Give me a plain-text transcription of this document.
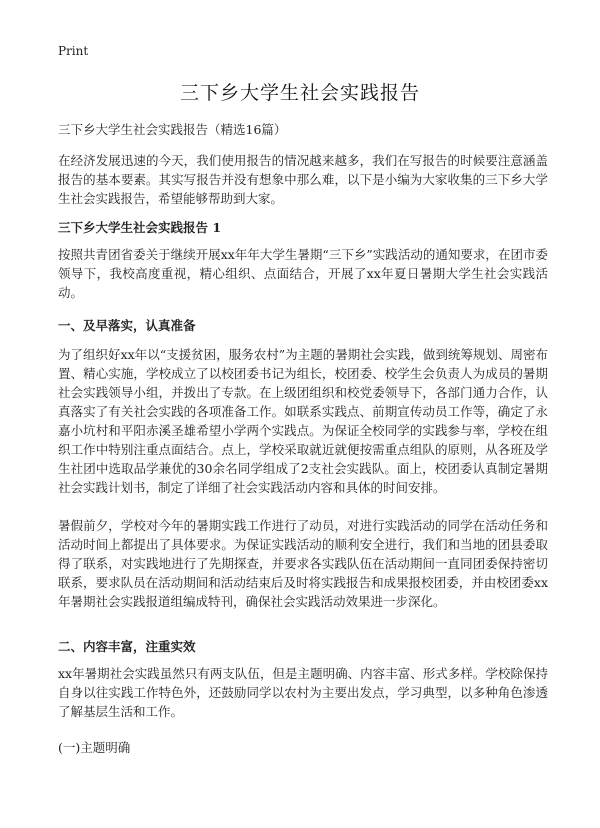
Print
三下乡大学生社会实践报告
三下乡大学生社会实践报告（精选16篇）

在经济发展迅速的今天，我们使用报告的情况越来越多，我们在写报告的时候要注意涵盖报告的基本要素。其实写报告并没有想象中那么难，以下是小编为大家收集的三下乡大学生社会实践报告，希望能够帮助到大家。

三下乡大学生社会实践报告 1

按照共青团省委关于继续开展xx年年大学生暑期“三下乡”实践活动的通知要求，在团市委领导下，我校高度重视，精心组织、点面结合，开展了xx年夏日暑期大学生社会实践活动。

一、及早落实，认真准备

为了组织好xx年以“支援贫困，服务农村”为主题的暑期社会实践，做到统筹规划、周密布置、精心实施，学校成立了以校团委书记为组长，校团委、校学生会负责人为成员的暑期社会实践领导小组，并拨出了专款。在上级团组织和校党委领导下，各部门通力合作，认真落实了有关社会实践的各项准备工作。如联系实践点、前期宣传动员工作等，确定了永嘉小坑村和平阳赤溪圣雄希望小学两个实践点。为保证全校同学的实践参与率，学校在组织工作中特别注重点面结合。点上，学校采取就近就便按需重点组队的原则，从各班及学生社团中选取品学兼优的30余名同学组成了2支社会实践队。面上，校团委认真制定暑期社会实践计划书，制定了详细了社会实践活动内容和具体的时间安排。

暑假前夕，学校对今年的暑期实践工作进行了动员，对进行实践活动的同学在活动任务和活动时间上都提出了具体要求。为保证实践活动的顺利安全进行，我们和当地的团县委取得了联系，对实践地进行了先期探查，并要求各实践队伍在活动期间一直同团委保持密切联系，要求队员在活动期间和活动结束后及时将实践报告和成果报校团委，并由校团委xx年暑期社会实践报道组编成特刊，确保社会实践活动效果进一步深化。

二、内容丰富，注重实效

xx年暑期社会实践虽然只有两支队伍，但是主题明确、内容丰富、形式多样。学校除保持自身以往实践工作特色外，还鼓励同学以农村为主要出发点，学习典型，以多种角色渗透了解基层生活和工作。

(一)主题明确
